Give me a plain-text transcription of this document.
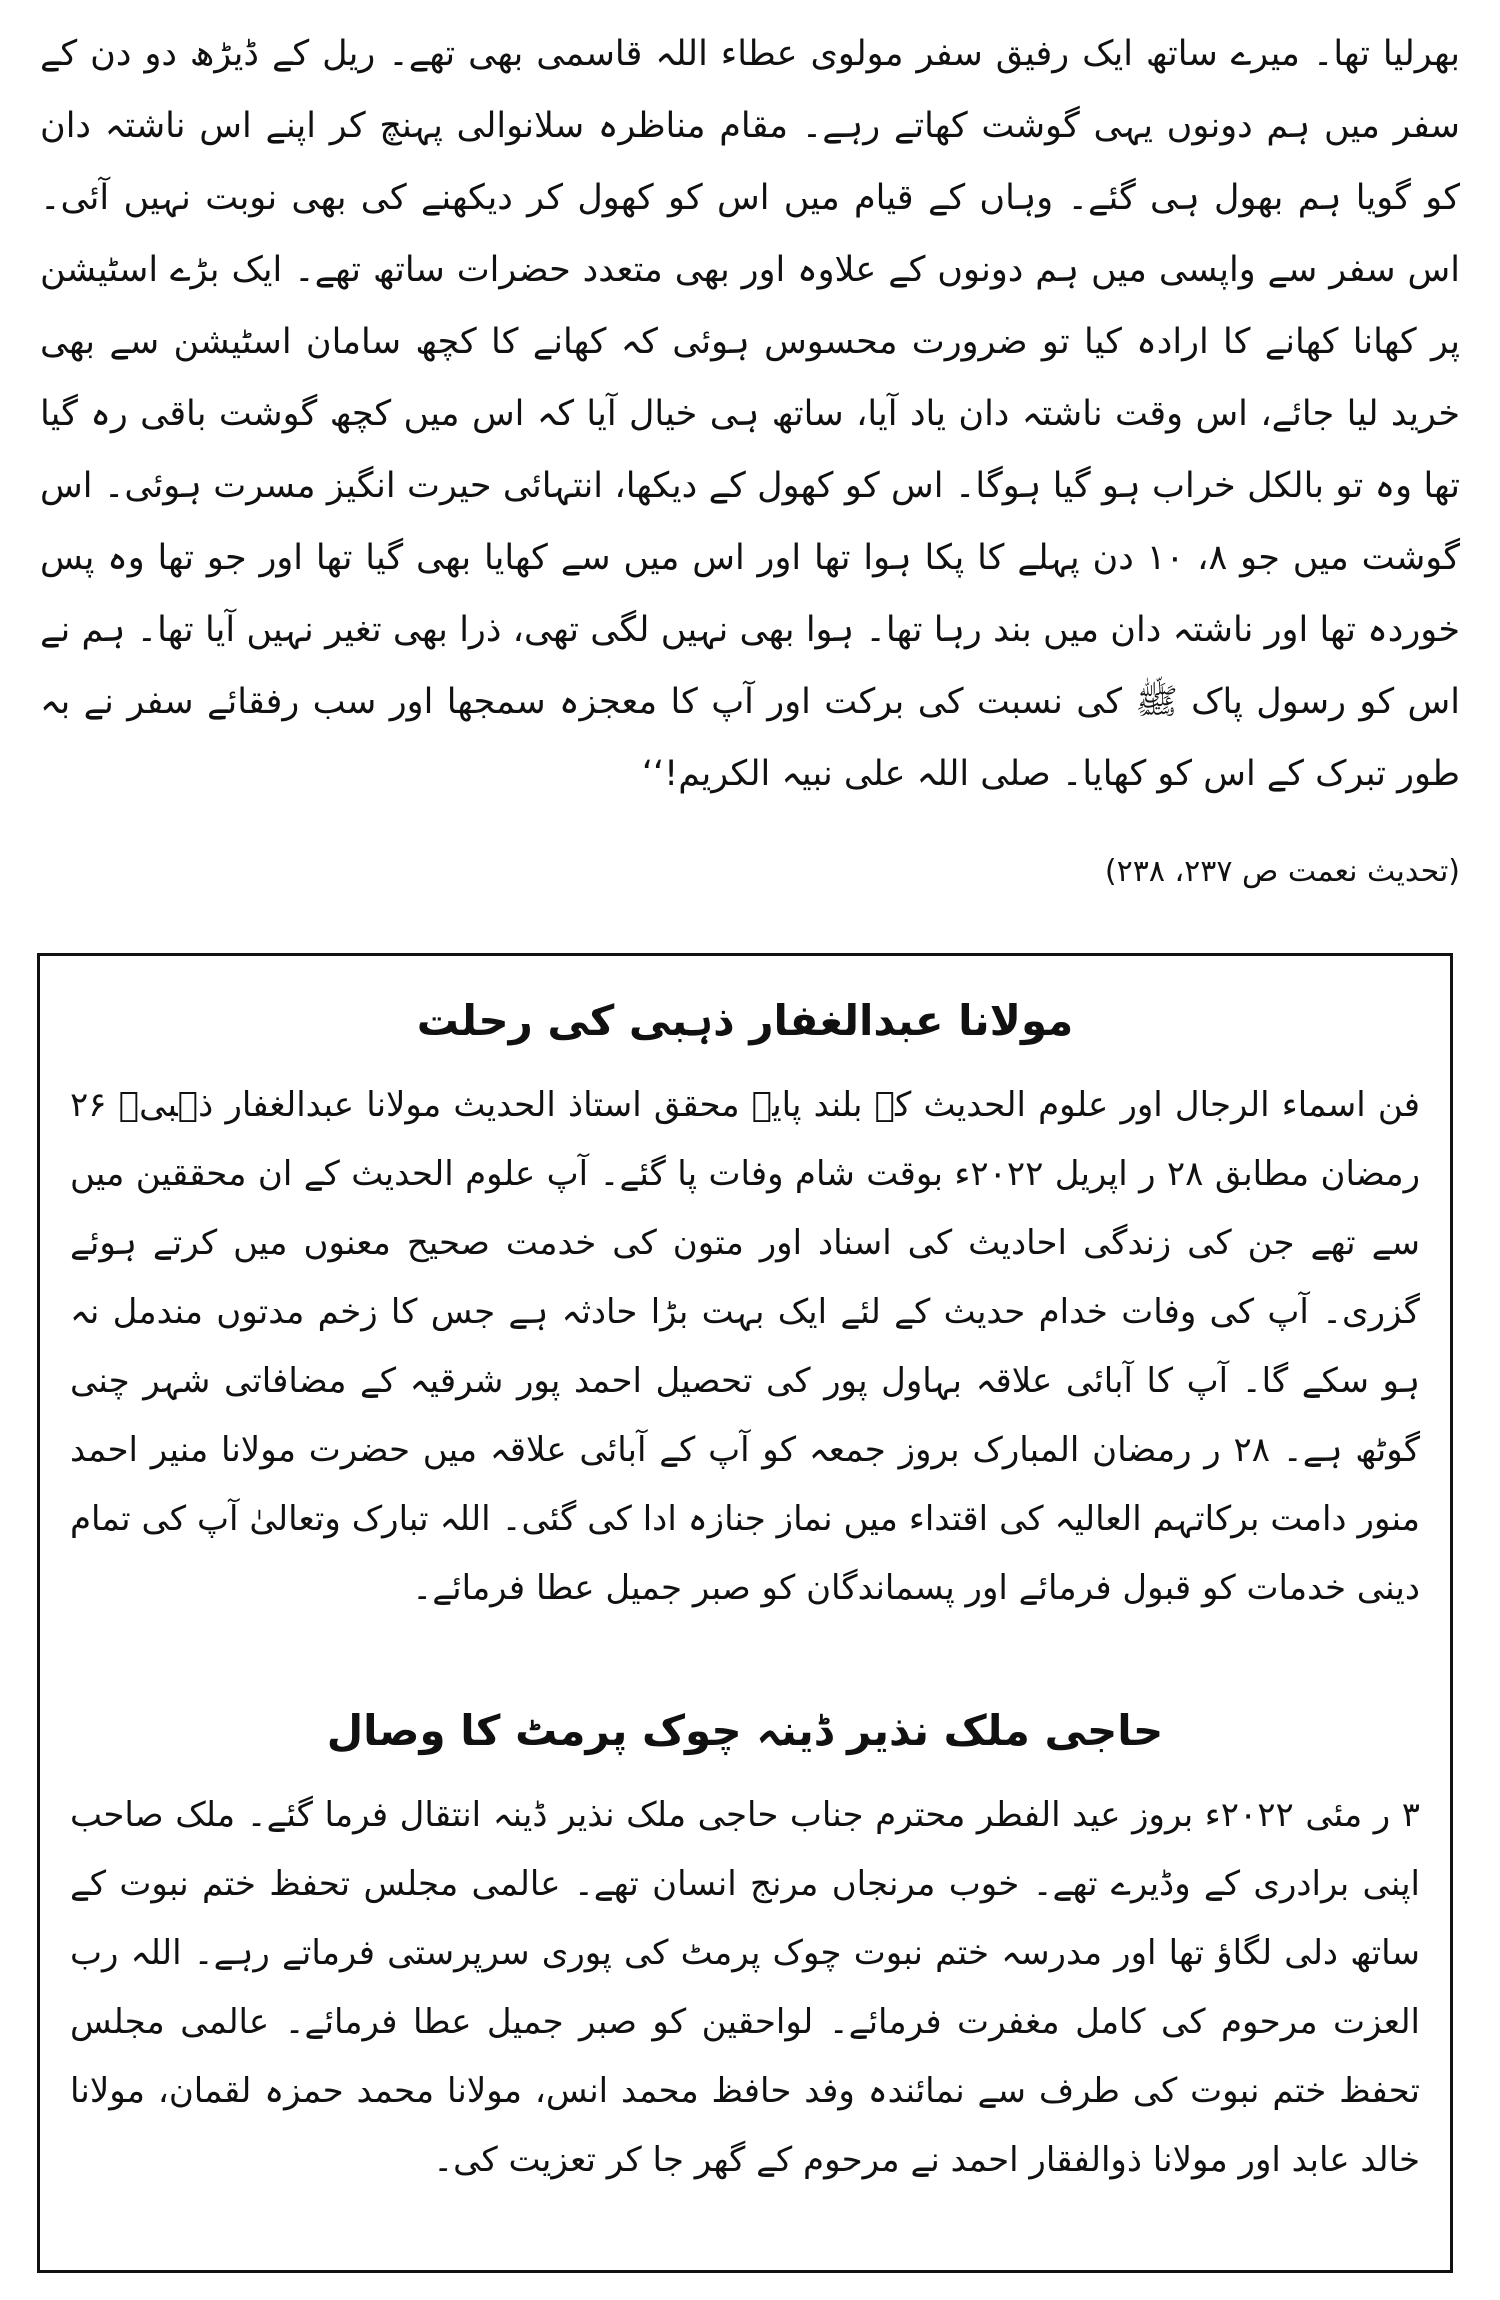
بھرلیا تھا۔ میرے ساتھ ایک رفیق سفر مولوی عطاء اللہ قاسمی بھی تھے۔ ریل کے ڈیڑھ دو دن کے سفر میں ہم دونوں یہی گوشت کھاتے رہے۔ مقام مناظرہ سلانوالی پہنچ کر اپنے اس ناشتہ دان کو گویا ہم بھول ہی گئے۔ وہاں کے قیام میں اس کو کھول کر دیکھنے کی بھی نوبت نہیں آئی۔ اس سفر سے واپسی میں ہم دونوں کے علاوہ اور بھی متعدد حضرات ساتھ تھے۔ ایک بڑے اسٹیشن پر کھانا کھانے کا ارادہ کیا تو ضرورت محسوس ہوئی کہ کھانے کا کچھ سامان اسٹیشن سے بھی خرید لیا جائے، اس وقت ناشتہ دان یاد آیا، ساتھ ہی خیال آیا کہ اس میں کچھ گوشت باقی رہ گیا تھا وہ تو بالکل خراب ہو گیا ہوگا۔ اس کو کھول کے دیکھا، انتہائی حیرت انگیز مسرت ہوئی۔ اس گوشت میں جو ۸، ۱۰ دن پہلے کا پکا ہوا تھا اور اس میں سے کھایا بھی گیا تھا اور جو تھا وہ پس خوردہ تھا اور ناشتہ دان میں بند رہا تھا۔ ہوا بھی نہیں لگی تھی، ذرا بھی تغیر نہیں آیا تھا۔ ہم نے اس کو رسول پاک ﷺ کی نسبت کی برکت اور آپ کا معجزہ سمجھا اور سب رفقائے سفر نے بہ طور تبرک کے اس کو کھایا۔ صلی اللہ علی نبیہ الکریم!‘‘

(تحدیث نعمت ص ۲۳۷، ۲۳۸)
مولانا عبدالغفار ذہبی کی رحلت

فن اسماء الرجال اور علوم الحدیث کے بلند پایہ محقق استاذ الحدیث مولانا عبدالغفار ذہبیؒ ۲۶ رمضان مطابق ۲۸ ر اپریل ۲۰۲۲ء بوقت شام وفات پا گئے۔ آپ علوم الحدیث کے ان محققین میں سے تھے جن کی زندگی احادیث کی اسناد اور متون کی خدمت صحیح معنوں میں کرتے ہوئے گزری۔ آپ کی وفات خدام حدیث کے لئے ایک بہت بڑا حادثہ ہے جس کا زخم مدتوں مندمل نہ ہو سکے گا۔ آپ کا آبائی علاقہ بہاول پور کی تحصیل احمد پور شرقیہ کے مضافاتی شہر چنی گوٹھ ہے۔ ۲۸ ر رمضان المبارک بروز جمعہ کو آپ کے آبائی علاقہ میں حضرت مولانا منیر احمد منور دامت برکاتہم العالیہ کی اقتداء میں نماز جنازہ ادا کی گئی۔ اللہ تبارک وتعالیٰ آپ کی تمام دینی خدمات کو قبول فرمائے اور پسماندگان کو صبر جمیل عطا فرمائے۔

حاجی ملک نذیر ڈینہ چوک پرمٹ کا وصال

۳ ر مئی ۲۰۲۲ء بروز عید الفطر محترم جناب حاجی ملک نذیر ڈینہ انتقال فرما گئے۔ ملک صاحب اپنی برادری کے وڈیرے تھے۔ خوب مرنجاں مرنج انسان تھے۔ عالمی مجلس تحفظ ختم نبوت کے ساتھ دلی لگاؤ تھا اور مدرسہ ختم نبوت چوک پرمٹ کی پوری سرپرستی فرماتے رہے۔ اللہ رب العزت مرحوم کی کامل مغفرت فرمائے۔ لواحقین کو صبر جمیل عطا فرمائے۔ عالمی مجلس تحفظ ختم نبوت کی طرف سے نمائندہ وفد حافظ محمد انس، مولانا محمد حمزہ لقمان، مولانا خالد عابد اور مولانا ذوالفقار احمد نے مرحوم کے گھر جا کر تعزیت کی۔
